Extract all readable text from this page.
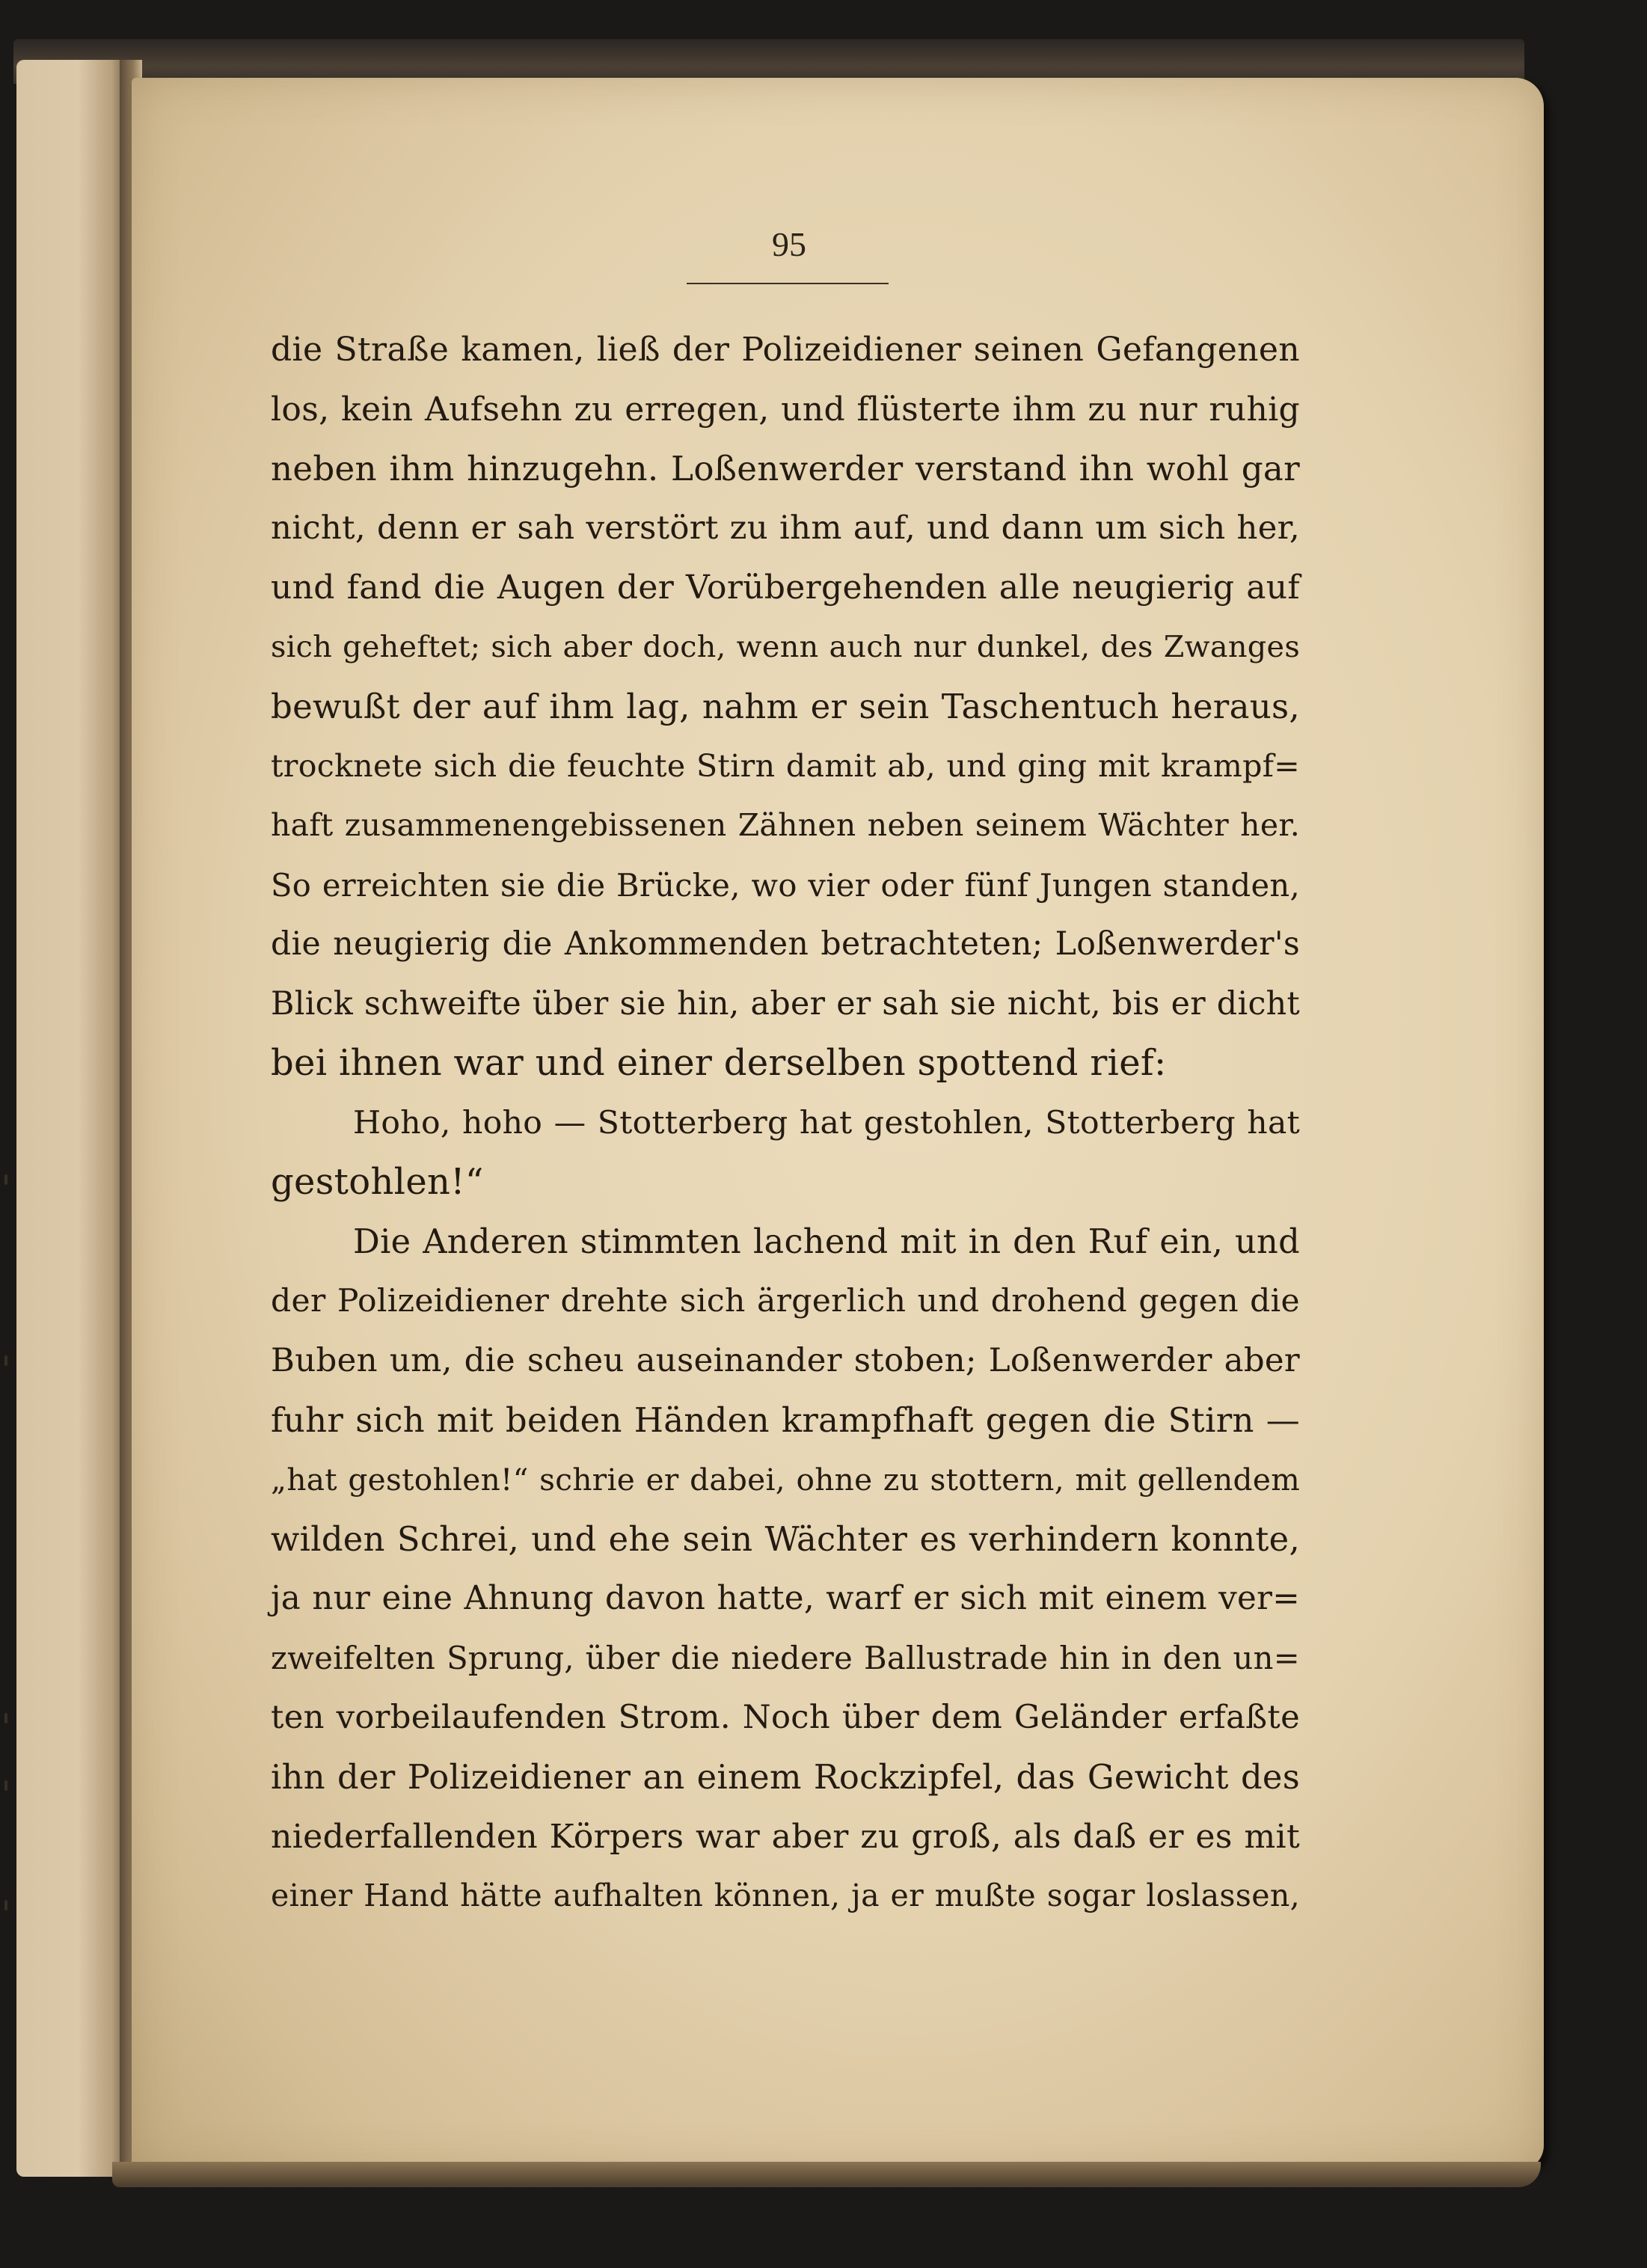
95
die Straße kamen, ließ der Polizeidiener seinen Gefangenen
los, kein Aufsehn zu erregen, und flüsterte ihm zu nur ruhig
neben ihm hinzugehn. Loßenwerder verstand ihn wohl gar
nicht, denn er sah verstört zu ihm auf, und dann um sich her,
und fand die Augen der Vorübergehenden alle neugierig auf
sich geheftet; sich aber doch, wenn auch nur dunkel, des Zwanges
bewußt der auf ihm lag, nahm er sein Taschentuch heraus,
trocknete sich die feuchte Stirn damit ab, und ging mit krampf=
haft zusammenengebissenen Zähnen neben seinem Wächter her.
So erreichten sie die Brücke, wo vier oder fünf Jungen standen,
die neugierig die Ankommenden betrachteten; Loßenwerder's
Blick schweifte über sie hin, aber er sah sie nicht, bis er dicht
bei ihnen war und einer derselben spottend rief:
Hoho, hoho — Stotterberg hat gestohlen, Stotterberg hat
gestohlen!“
Die Anderen stimmten lachend mit in den Ruf ein, und
der Polizeidiener drehte sich ärgerlich und drohend gegen die
Buben um, die scheu auseinander stoben; Loßenwerder aber
fuhr sich mit beiden Händen krampfhaft gegen die Stirn —
„hat gestohlen!“ schrie er dabei, ohne zu stottern, mit gellendem
wilden Schrei, und ehe sein Wächter es verhindern konnte,
ja nur eine Ahnung davon hatte, warf er sich mit einem ver=
zweifelten Sprung, über die niedere Ballustrade hin in den un=
ten vorbeilaufenden Strom. Noch über dem Geländer erfaßte
ihn der Polizeidiener an einem Rockzipfel, das Gewicht des
niederfallenden Körpers war aber zu groß, als daß er es mit
einer Hand hätte aufhalten können, ja er mußte sogar loslassen,
